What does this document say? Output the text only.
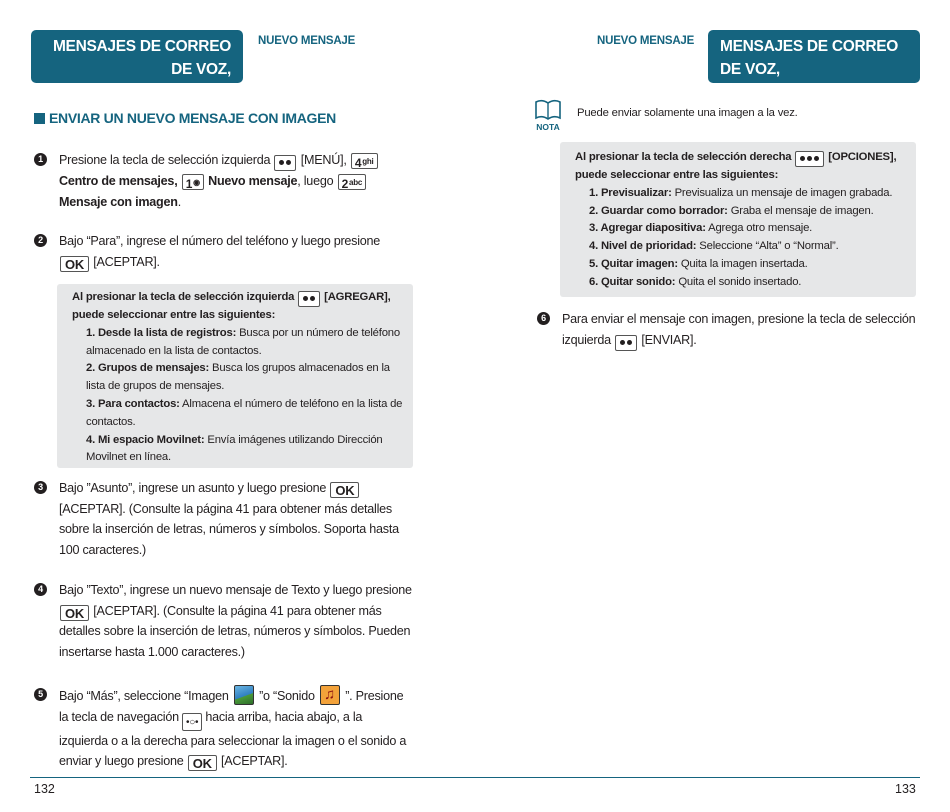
MENSAJES DE CORREO DE VOZ,
TEXTO, IMAGEN Y VIDEO
NUEVO MENSAJE
ENVIAR UN NUEVO MENSAJE CON IMAGEN
1	Presione la tecla de selección izquierda [MENÚ], $4^{ghi}$
Centro de mensajes, 1◉ Nuevo mensaje, luego $2^{abc}$ Mensaje con imagen.
2	Bajo “Para”, ingrese el número del teléfono y luego presione OK [ACEPTAR].
Al presionar la tecla de selección izquierda	[AGREGAR], puede seleccionar entre las siguientes:
1. Desde la lista de registros: Busca por un número de teléfono almacenado en la lista de contactos.
2. Grupos de mensajes: Busca los grupos almacenados en la lista de grupos de mensajes.
3. Para contactos: Almacena el número de teléfono en la lista de contactos.
4. Mi espacio Movilnet: Envía imágenes utilizando Dirección Movilnet en línea.
3	Bajo ”Asunto”, ingrese un asunto y luego presione OK [ACEPTAR]. (Consulte la página 41 para obtener más detalles sobre la inserción de letras, números y símbolos. Soporta hasta 100 caracteres.)
4	Bajo ”Texto”, ingrese un nuevo mensaje de Texto y luego presione OK [ACEPTAR]. (Consulte la página 41 para obtener más detalles sobre la inserción de letras, números y símbolos. Pueden insertarse hasta 1.000 caracteres.)
5	Bajo “Más”, seleccione “Imagen ”o “Sonido ♫ ”. Presione la tecla de navegación •○• hacia arriba, hacia abajo, a la izquierda o a la derecha para seleccionar la imagen o el sonido a enviar y luego presione OK [ACEPTAR].
132
NUEVO MENSAJE MENSAJES DE CORREO DE VOZ,
TEXTO, IMAGEN Y VIDEO
NOTA
Puede enviar solamente una imagen a la vez.
Al presionar la tecla de selección derecha	[OPCIONES], puede seleccionar entre las siguientes:
1. Previsualizar: Previsualiza un mensaje de imagen grabada.
2. Guardar como borrador: Graba el mensaje de imagen.
3. Agregar diapositiva: Agrega otro mensaje.
4. Nivel de prioridad: Seleccione “Alta” o “Normal”.
5. Quitar imagen: Quita la imagen insertada.
6. Quitar sonido: Quita el sonido insertado.
6	Para enviar el mensaje con imagen, presione la tecla de selección izquierda [ENVIAR].
133
